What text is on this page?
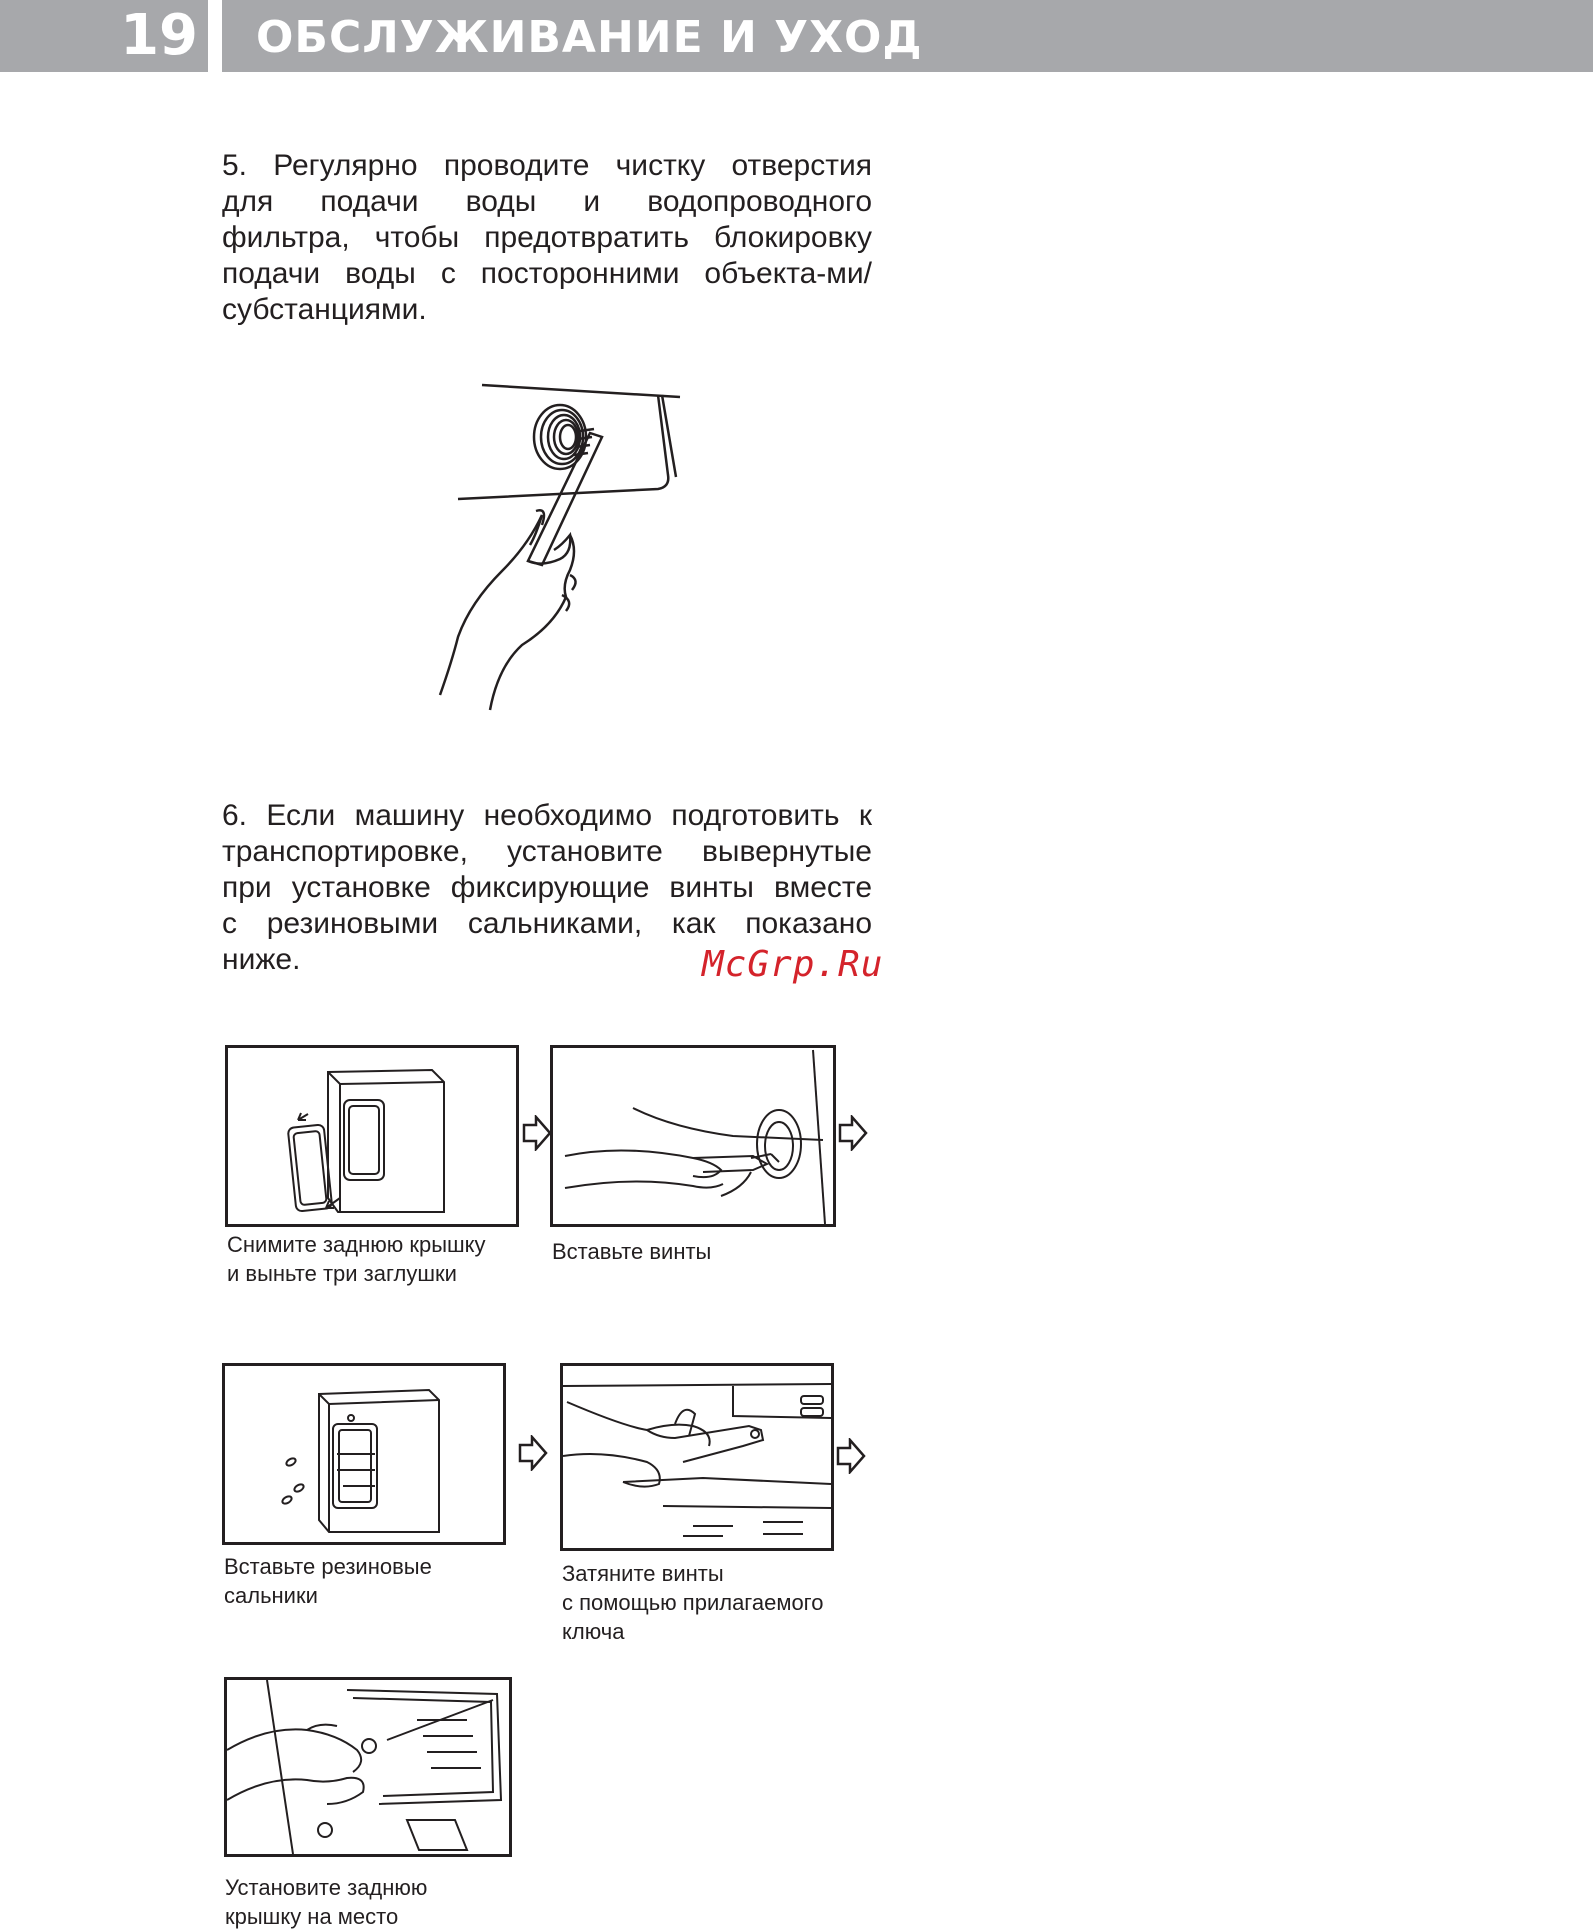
19	ОБСЛУЖИВАНИЕ И УХОД
5. Регулярно проводите чистку отверстия
для подачи воды и водопроводного
фильтра, чтобы предотвратить блокировку
подачи воды с посторонними объекта-ми/
субстанциями.
6. Если машину необходимо подготовить к
транспортировке, установите вывернутые
при установке фиксирующие винты вместе
с резиновыми сальниками, как показано
ниже.	McGrp.Ru
Снимите заднюю крышку
и выньте три заглушки
Вставьте винты
Вставьте резиновые
сальники
Затяните винты
с помощью прилагаемого
ключа
Установите заднюю
крышку на место
